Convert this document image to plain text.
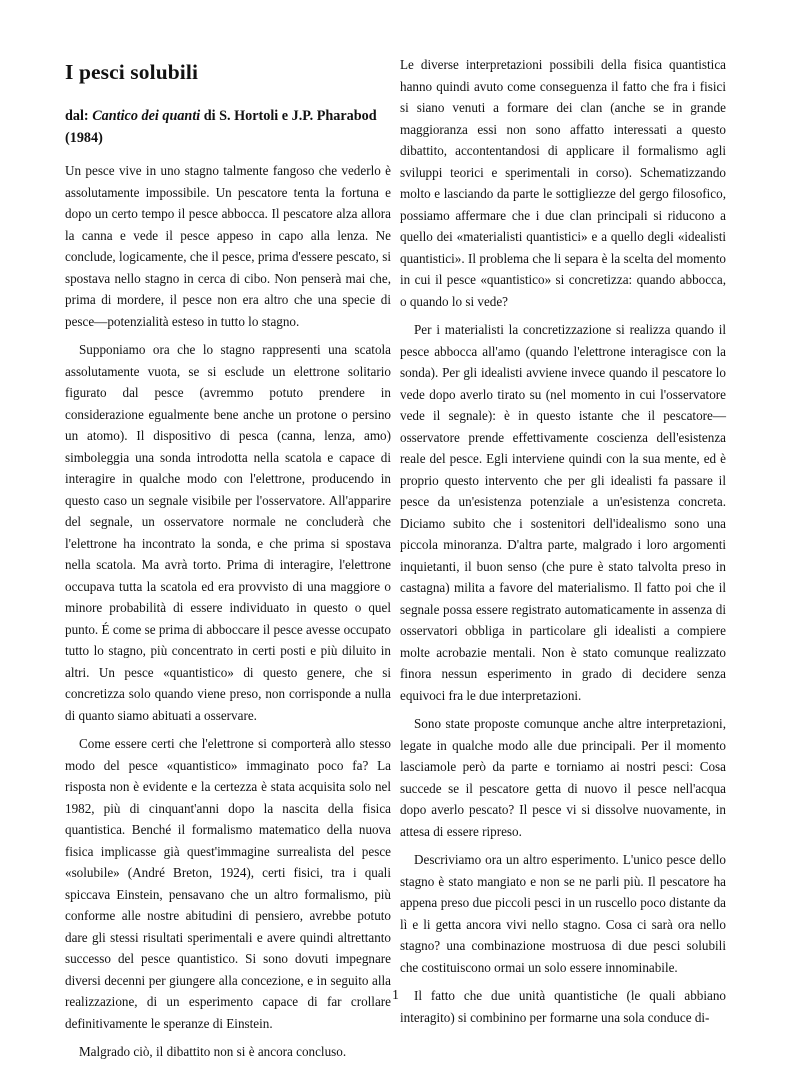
I pesci solubili
dal: Cantico dei quanti di S. Hortoli e J.P. Pharabod (1984)

Un pesce vive in uno stagno talmente fangoso che vederlo è assolutamente impossibile. Un pescatore tenta la fortuna e dopo un certo tempo il pesce abbocca. Il pescatore alza allora la canna e vede il pesce appeso in capo alla lenza. Ne conclude, logicamente, che il pesce, prima d'essere pescato, si spostava nello stagno in cerca di cibo. Non penserà mai che, prima di mordere, il pesce non era altro che una specie di pesce—potenzialità esteso in tutto lo stagno.

Supponiamo ora che lo stagno rappresenti una scatola assolutamente vuota, se si esclude un elettrone solitario figurato dal pesce (avremmo potuto prendere in considerazione egualmente bene anche un protone o persino un atomo). Il dispositivo di pesca (canna, lenza, amo) simboleggia una sonda introdotta nella scatola e capace di interagire in qualche modo con l'elettrone, producendo in questo caso un segnale visibile per l'osservatore. All'apparire del segnale, un osservatore normale ne concluderà che l'elettrone ha incontrato la sonda, e che prima si spostava nella scatola. Ma avrà torto. Prima di interagire, l'elettrone occupava tutta la scatola ed era provvisto di una maggiore o minore probabilità di essere individuato in questo o quel punto. É come se prima di abboccare il pesce avesse occupato tutto lo stagno, più concentrato in certi posti e più diluito in altri. Un pesce «quantistico» di questo genere, che si concretizza solo quando viene preso, non corrisponde a nulla di quanto siamo abituati a osservare.

Come essere certi che l'elettrone si comporterà allo stesso modo del pesce «quantistico» immaginato poco fa? La risposta non è evidente e la certezza è stata acquisita solo nel 1982, più di cinquant'anni dopo la nascita della fisica quantistica. Benché il formalismo matematico della nuova fisica implicasse già quest'immagine surrealista del pesce «solubile» (André Breton, 1924), certi fisici, tra i quali spiccava Einstein, pensavano che un altro formalismo, più conforme alle nostre abitudini di pensiero, avrebbe potuto dare gli stessi risultati sperimentali e avere quindi altrettanto successo del pesce quantistico. Si sono dovuti impegnare diversi decenni per giungere alla concezione, e in seguito alla realizzazione, di un esperimento capace di far crollare definitivamente le speranze di Einstein.

Malgrado ciò, il dibattito non si è ancora concluso.

Le diverse interpretazioni possibili della fisica quantistica hanno quindi avuto come conseguenza il fatto che fra i fisici si siano venuti a formare dei clan (anche se in grande maggioranza essi non sono affatto interessati a questo dibattito, accontentandosi di applicare il formalismo agli sviluppi teorici e sperimentali in corso). Schematizzando molto e lasciando da parte le sottigliezze del gergo filosofico, possiamo affermare che i due clan principali si riducono a quello dei «materialisti quantistici» e a quello degli «idealisti quantistici». Il problema che li separa è la scelta del momento in cui il pesce «quantistico» si concretizza: quando abbocca, o quando lo si vede?

Per i materialisti la concretizzazione si realizza quando il pesce abbocca all'amo (quando l'elettrone interagisce con la sonda). Per gli idealisti avviene invece quando il pescatore lo vede dopo averlo tirato su (nel momento in cui l'osservatore vede il segnale): è in questo istante che il pescatore—osservatore prende effettivamente coscienza dell'esistenza reale del pesce. Egli interviene quindi con la sua mente, ed è proprio questo intervento che per gli idealisti fa passare il pesce da un'esistenza potenziale a un'esistenza concreta. Diciamo subito che i sostenitori dell'idealismo sono una piccola minoranza. D'altra parte, malgrado i loro argomenti inquietanti, il buon senso (che pure è stato talvolta preso in castagna) milita a favore del materialismo. Il fatto poi che il segnale possa essere registrato automaticamente in assenza di osservatori obbliga in particolare gli idealisti a compiere molte acrobazie mentali. Non è stato comunque realizzato finora nessun esperimento in grado di decidere senza equivoci fra le due interpretazioni.

Sono state proposte comunque anche altre interpretazioni, legate in qualche modo alle due principali. Per il momento lasciamole però da parte e torniamo ai nostri pesci: Cosa succede se il pescatore getta di nuovo il pesce nell'acqua dopo averlo pescato? Il pesce vi si dissolve nuovamente, in attesa di essere ripreso.

Descriviamo ora un altro esperimento. L'unico pesce dello stagno è stato mangiato e non se ne parli più. Il pescatore ha appena preso due piccoli pesci in un ruscello poco distante da lì e li getta ancora vivi nello stagno. Cosa ci sarà ora nello stagno? una combinazione mostruosa di due pesci solubili che costituiscono ormai un solo essere innominabile.

Il fatto che due unità quantistiche (le quali abbiano interagito) si combinino per formarne una sola conduce di-

1
